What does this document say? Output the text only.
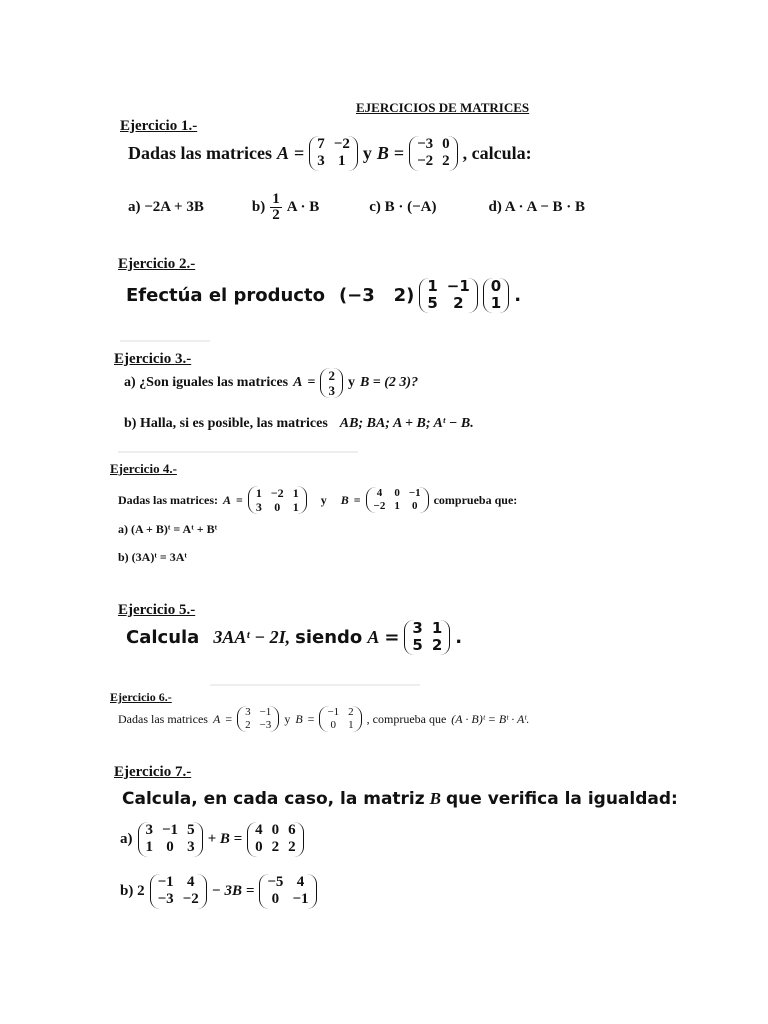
EJERCICIOS DE MATRICES
Ejercicio 1.-
Dadas las matrices A = 7 −2
3 1 y B = −3 0
−2 2 , calcula:
a) −2A + 3B	$b) \frac{1}{2}$ A · B	c) B · (−A)	d) A · A − B · B
Ejercicio 2.-
Efectúa el producto (−3   2) 1 −1
5	2
0
1 .
Ejercicio 3.-
a) ¿Son iguales las matrices A = 2
3 y B = (2 3)?
b) Halla, si es posible, las matrices AB; BA; A + B; Aᵗ − B.
Ejercicio 4.-
Dadas las matrices: A = 1 −2 1
3 0 1 y B = 4 0 −1
−2 1 0 comprueba que:
a) (A + B)ᵗ = Aᵗ + Bᵗ
b) (3A)ᵗ = 3Aᵗ
Ejercicio 5.-
Calcula 3AAᵗ − 2I, siendo A = 3 1
5 2 .
Ejercicio 6.-
Dadas las matrices A = 3 −1
2 −3 y B = −1 2
0 1 , comprueba que (A · B)ᵗ = Bᵗ · Aᵗ.
Ejercicio 7.-
Calcula, en cada caso, la matriz B que verifica la igualdad:
a)
3 −1 5
1 0 3 + B =
4 0 6
0 2 2
b) 2
−1 4
−3 −2 − 3B =
−5 4
0 −1
